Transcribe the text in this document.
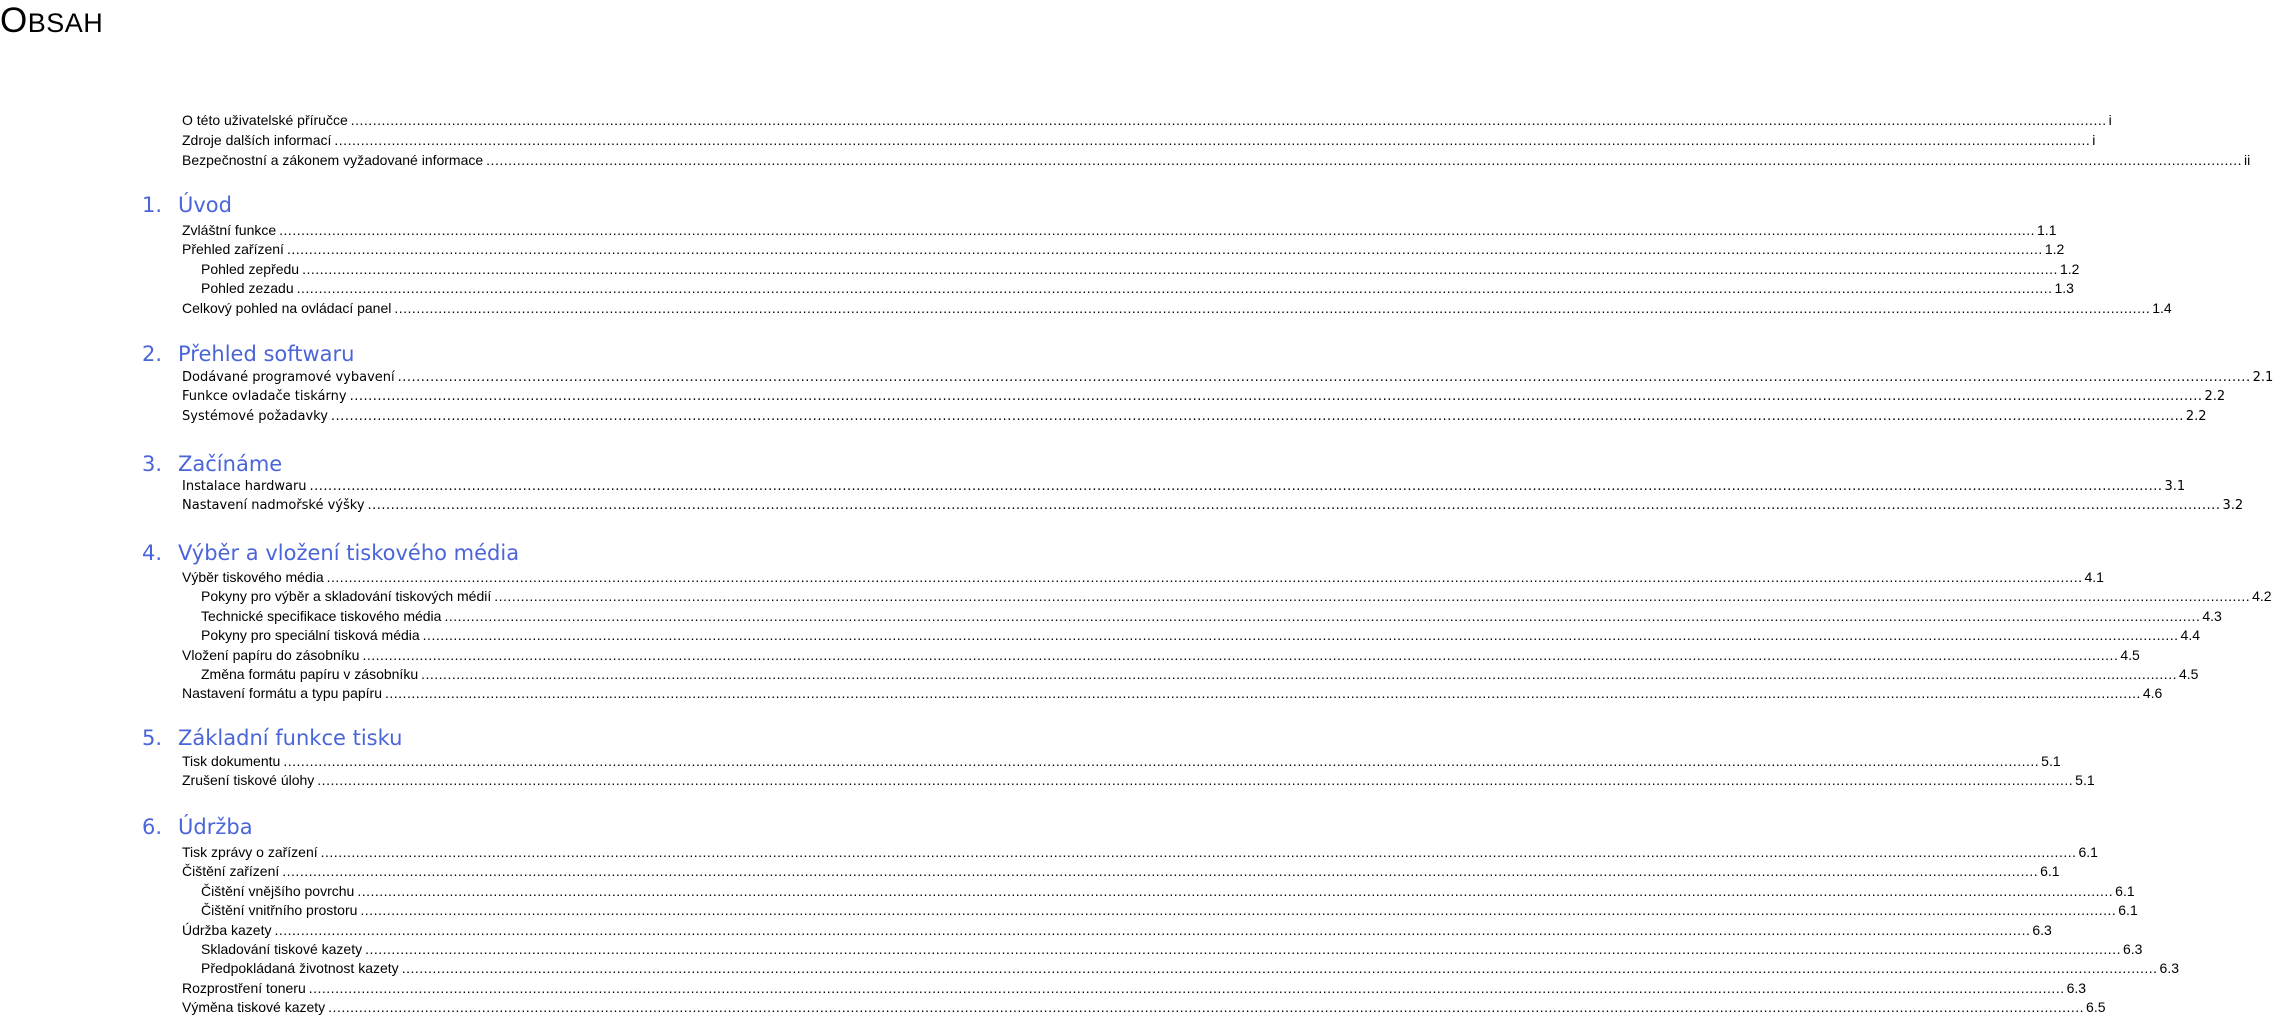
OBSAH
O této uživatelské příručce ................................................................................................................................................................................................................................................................................................................................................................................................................ i
Zdroje dalších informací ................................................................................................................................................................................................................................................................................................................................................................................................................ i
Bezpečnostní a zákonem vyžadované informace ................................................................................................................................................................................................................................................................................................................................................................................................................ ii
1. Úvod
Zvláštní funkce ................................................................................................................................................................................................................................................................................................................................................................................................................ 1.1
Přehled zařízení ................................................................................................................................................................................................................................................................................................................................................................................................................ 1.2
Pohled zepředu ................................................................................................................................................................................................................................................................................................................................................................................................................ 1.2
Pohled zezadu ................................................................................................................................................................................................................................................................................................................................................................................................................ 1.3
Celkový pohled na ovládací panel ................................................................................................................................................................................................................................................................................................................................................................................................................ 1.4
2. Přehled softwaru
Dodávané programové vybavení ................................................................................................................................................................................................................................................................................................................................................................................................................ 2.1
Funkce ovladače tiskárny ................................................................................................................................................................................................................................................................................................................................................................................................................ 2.2
Systémové požadavky ................................................................................................................................................................................................................................................................................................................................................................................................................ 2.2
3. Začínáme
Instalace hardwaru ................................................................................................................................................................................................................................................................................................................................................................................................................ 3.1
Nastavení nadmořské výšky ................................................................................................................................................................................................................................................................................................................................................................................................................ 3.2
4. Výběr a vložení tiskového média
Výběr tiskového média ................................................................................................................................................................................................................................................................................................................................................................................................................ 4.1
Pokyny pro výběr a skladování tiskových médií ................................................................................................................................................................................................................................................................................................................................................................................................................ 4.2
Technické specifikace tiskového média ................................................................................................................................................................................................................................................................................................................................................................................................................ 4.3
Pokyny pro speciální tisková média ................................................................................................................................................................................................................................................................................................................................................................................................................ 4.4
Vložení papíru do zásobníku ................................................................................................................................................................................................................................................................................................................................................................................................................ 4.5
Změna formátu papíru v zásobníku ................................................................................................................................................................................................................................................................................................................................................................................................................ 4.5
Nastavení formátu a typu papíru ................................................................................................................................................................................................................................................................................................................................................................................................................ 4.6
5. Základní funkce tisku
Tisk dokumentu ................................................................................................................................................................................................................................................................................................................................................................................................................ 5.1
Zrušení tiskové úlohy ................................................................................................................................................................................................................................................................................................................................................................................................................ 5.1
6. Údržba
Tisk zprávy o zařízení ................................................................................................................................................................................................................................................................................................................................................................................................................ 6.1
Čištění zařízení ................................................................................................................................................................................................................................................................................................................................................................................................................ 6.1
Čištění vnějšího povrchu ................................................................................................................................................................................................................................................................................................................................................................................................................ 6.1
Čištění vnitřního prostoru ................................................................................................................................................................................................................................................................................................................................................................................................................ 6.1
Údržba kazety ................................................................................................................................................................................................................................................................................................................................................................................................................ 6.3
Skladování tiskové kazety ................................................................................................................................................................................................................................................................................................................................................................................................................ 6.3
Předpokládaná životnost kazety ................................................................................................................................................................................................................................................................................................................................................................................................................ 6.3
Rozprostření toneru ................................................................................................................................................................................................................................................................................................................................................................................................................ 6.3
Výměna tiskové kazety ................................................................................................................................................................................................................................................................................................................................................................................................................ 6.5
